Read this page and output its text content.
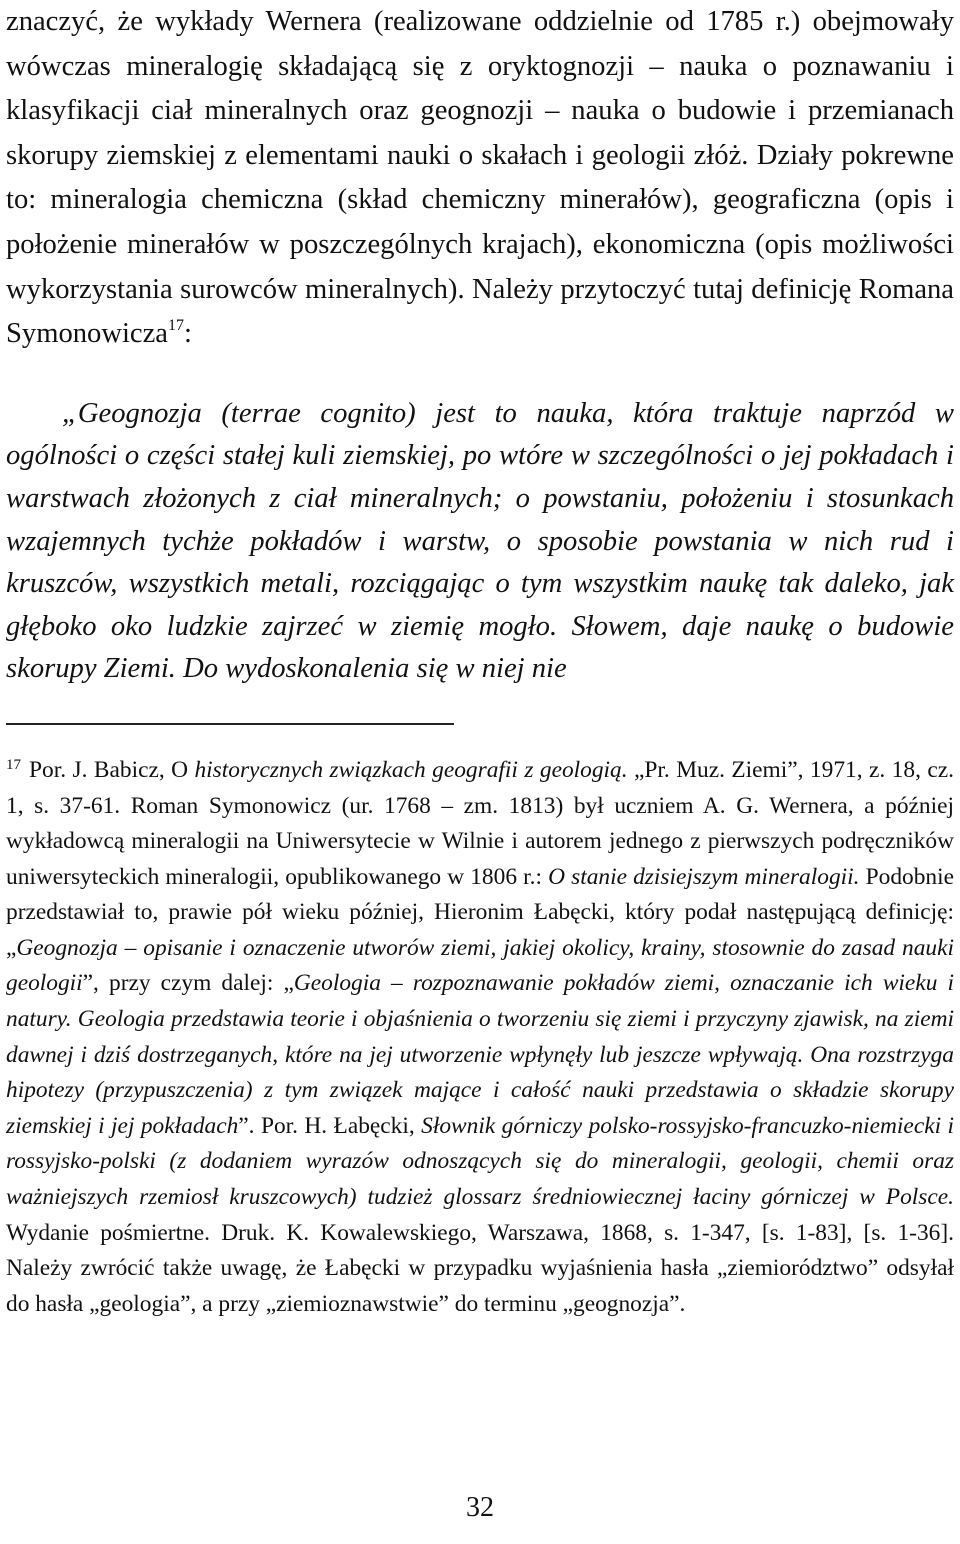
znaczyć, że wykłady Wernera (realizowane oddzielnie od 1785 r.) obejmowały wówczas mineralogię składającą się z oryktognozji – nauka o poznawaniu i klasyfikacji ciał mineralnych oraz geognozji – nauka o budowie i przemianach skorupy ziemskiej z elementami nauki o skałach i geologii złóż. Działy pokrewne to: mineralogia chemiczna (skład chemiczny minerałów), geograficzna (opis i położenie minerałów w poszczególnych krajach), ekonomiczna (opis możliwości wykorzystania surowców mineralnych). Należy przytoczyć tutaj definicję Romana Symonowicza$^{17}$:

„Geognozja (terrae cognito) jest to nauka, która traktuje naprzód w ogólności o części stałej kuli ziemskiej, po wtóre w szczególności o jej pokładach i warstwach złożonych z ciał mineralnych; o powstaniu, położeniu i stosunkach wzajemnych tychże pokładów i warstw, o sposobie powstania w nich rud i kruszców, wszystkich metali, rozciągając o tym wszystkim naukę tak daleko, jak głęboko oko ludzkie zajrzeć w ziemię mogło. Słowem, daje naukę o budowie skorupy Ziemi. Do wydoskonalenia się w niej nie

$^{17}$ Por. J. Babicz, O historycznych związkach geografii z geologią. „Pr. Muz. Ziemi”, 1971, z. 18, cz. 1, s. 37-61. Roman Symonowicz (ur. 1768 – zm. 1813) był uczniem A. G. Wernera, a później wykładowcą mineralogii na Uniwersytecie w Wilnie i autorem jednego z pierwszych podręczników uniwersyteckich mineralogii, opublikowanego w 1806 r.: O stanie dzisiejszym mineralogii. Podobnie przedstawiał to, prawie pół wieku później, Hieronim Łabęcki, który podał następującą definicję: „Geognozja – opisanie i oznaczenie utworów ziemi, jakiej okolicy, krainy, stosownie do zasad nauki geologii”, przy czym dalej: „Geologia – rozpoznawanie pokładów ziemi, oznaczanie ich wieku i natury. Geologia przedstawia teorie i objaśnienia o tworzeniu się ziemi i przyczyny zjawisk, na ziemi dawnej i dziś dostrzeganych, które na jej utworzenie wpłynęły lub jeszcze wpływają. Ona rozstrzyga hipotezy (przypuszczenia) z tym związek mające i całość nauki przedstawia o składzie skorupy ziemskiej i jej pokładach”. Por. H. Łabęcki, Słownik górniczy polsko-rossyjsko-francuzko-niemiecki i rossyjsko-polski (z dodaniem wyrazów odnoszących się do mineralogii, geologii, chemii oraz ważniejszych rzemiosł kruszcowych) tudzież glossarz średniowiecznej łaciny górniczej w Polsce. Wydanie pośmiertne. Druk. K. Kowalewskiego, Warszawa, 1868, s. 1-347, [s. 1-83], [s. 1-36]. Należy zwrócić także uwagę, że Łabęcki w przypadku wyjaśnienia hasła „ziemiorództwo” odsyłał do hasła „geologia”, a przy „ziemioznawstwie” do terminu „geognozja”.

32
